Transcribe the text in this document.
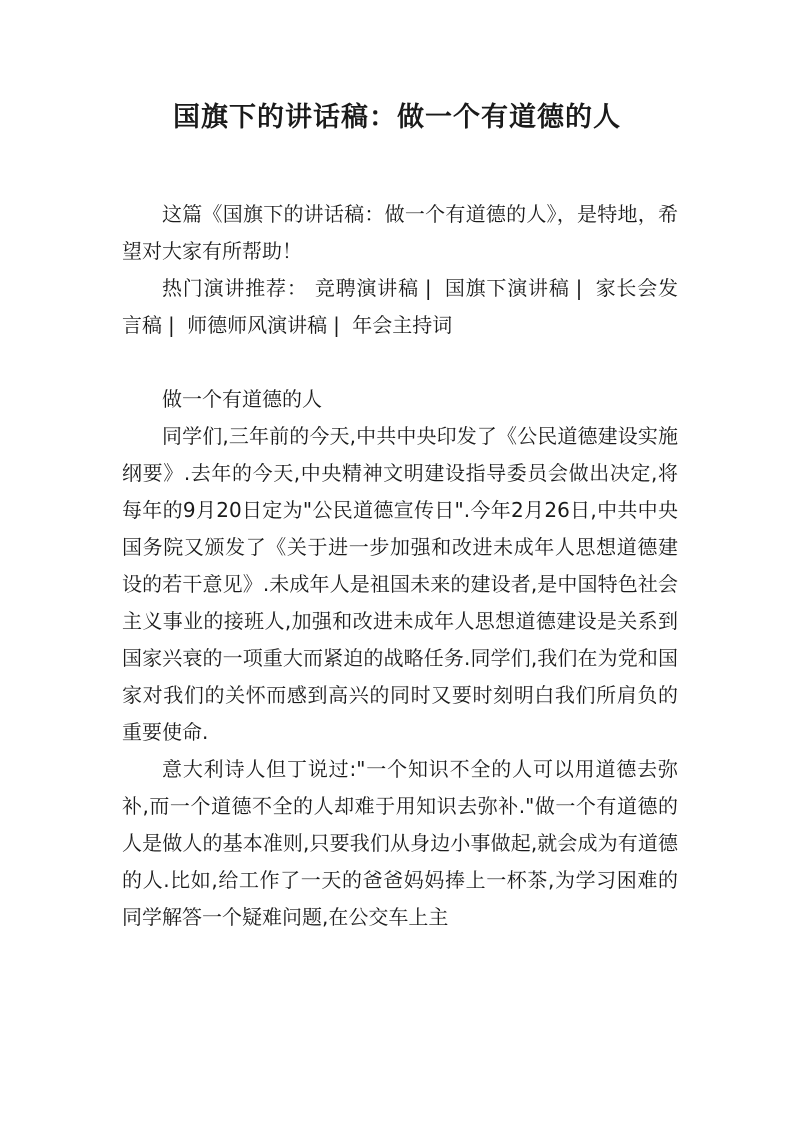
国旗下的讲话稿：做一个有道德的人

这篇《国旗下的讲话稿：做一个有道德的人》，是特地，希望对大家有所帮助！

热门演讲推荐： 竞聘演讲稿 | 国旗下演讲稿 | 家长会发言稿 | 师德师风演讲稿 | 年会主持词

做一个有道德的人

同学们,三年前的今天,中共中央印发了《公民道德建设实施纲要》.去年的今天,中央精神文明建设指导委员会做出决定,将每年的9月20日定为"公民道德宣传日".今年2月26日,中共中央国务院又颁发了《关于进一步加强和改进未成年人思想道德建设的若干意见》.未成年人是祖国未来的建设者,是中国特色社会主义事业的接班人,加强和改进未成年人思想道德建设是关系到国家兴衰的一项重大而紧迫的战略任务.同学们,我们在为党和国家对我们的关怀而感到高兴的同时又要时刻明白我们所肩负的重要使命.

意大利诗人但丁说过:"一个知识不全的人可以用道德去弥补,而一个道德不全的人却难于用知识去弥补."做一个有道德的人是做人的基本准则,只要我们从身边小事做起,就会成为有道德的人.比如,给工作了一天的爸爸妈妈捧上一杯茶,为学习困难的同学解答一个疑难问题,在公交车上主
